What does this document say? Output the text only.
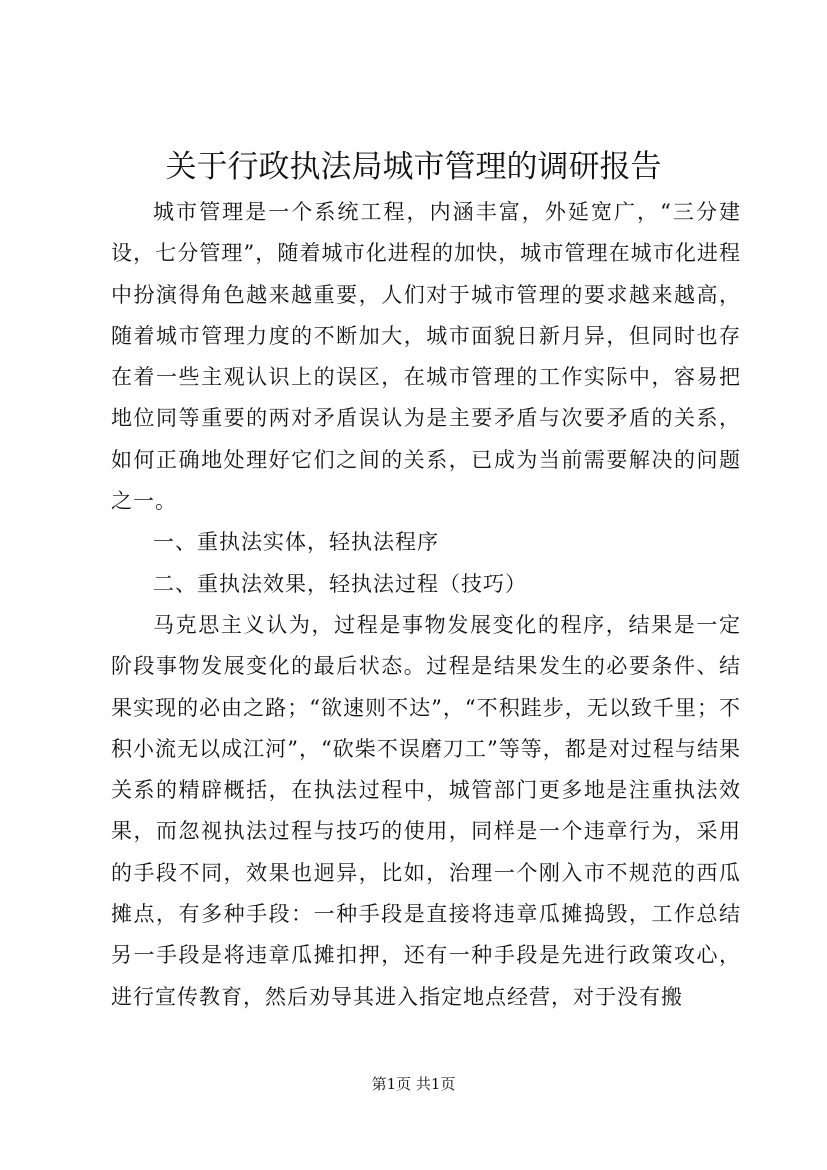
关于行政执法局城市管理的调研报告

城市管理是一个系统工程，内涵丰富，外延宽广，“三分建设，七分管理”，随着城市化进程的加快，城市管理在城市化进程中扮演得角色越来越重要，人们对于城市管理的要求越来越高，随着城市管理力度的不断加大，城市面貌日新月异，但同时也存在着一些主观认识上的误区，在城市管理的工作实际中，容易把地位同等重要的两对矛盾误认为是主要矛盾与次要矛盾的关系，如何正确地处理好它们之间的关系，已成为当前需要解决的问题之一。

一、重执法实体，轻执法程序

二、重执法效果，轻执法过程（技巧）

马克思主义认为，过程是事物发展变化的程序，结果是一定阶段事物发展变化的最后状态。过程是结果发生的必要条件、结果实现的必由之路；“欲速则不达”，“不积跬步，无以致千里；不积小流无以成江河”，“砍柴不误磨刀工”等等，都是对过程与结果关系的精辟概括，在执法过程中，城管部门更多地是注重执法效果，而忽视执法过程与技巧的使用，同样是一个违章行为，采用的手段不同，效果也迥异，比如，治理一个刚入市不规范的西瓜摊点，有多种手段：一种手段是直接将违章瓜摊捣毁，工作总结另一手段是将违章瓜摊扣押，还有一种手段是先进行政策攻心，进行宣传教育，然后劝导其进入指定地点经营，对于没有搬

第1页 共1页
